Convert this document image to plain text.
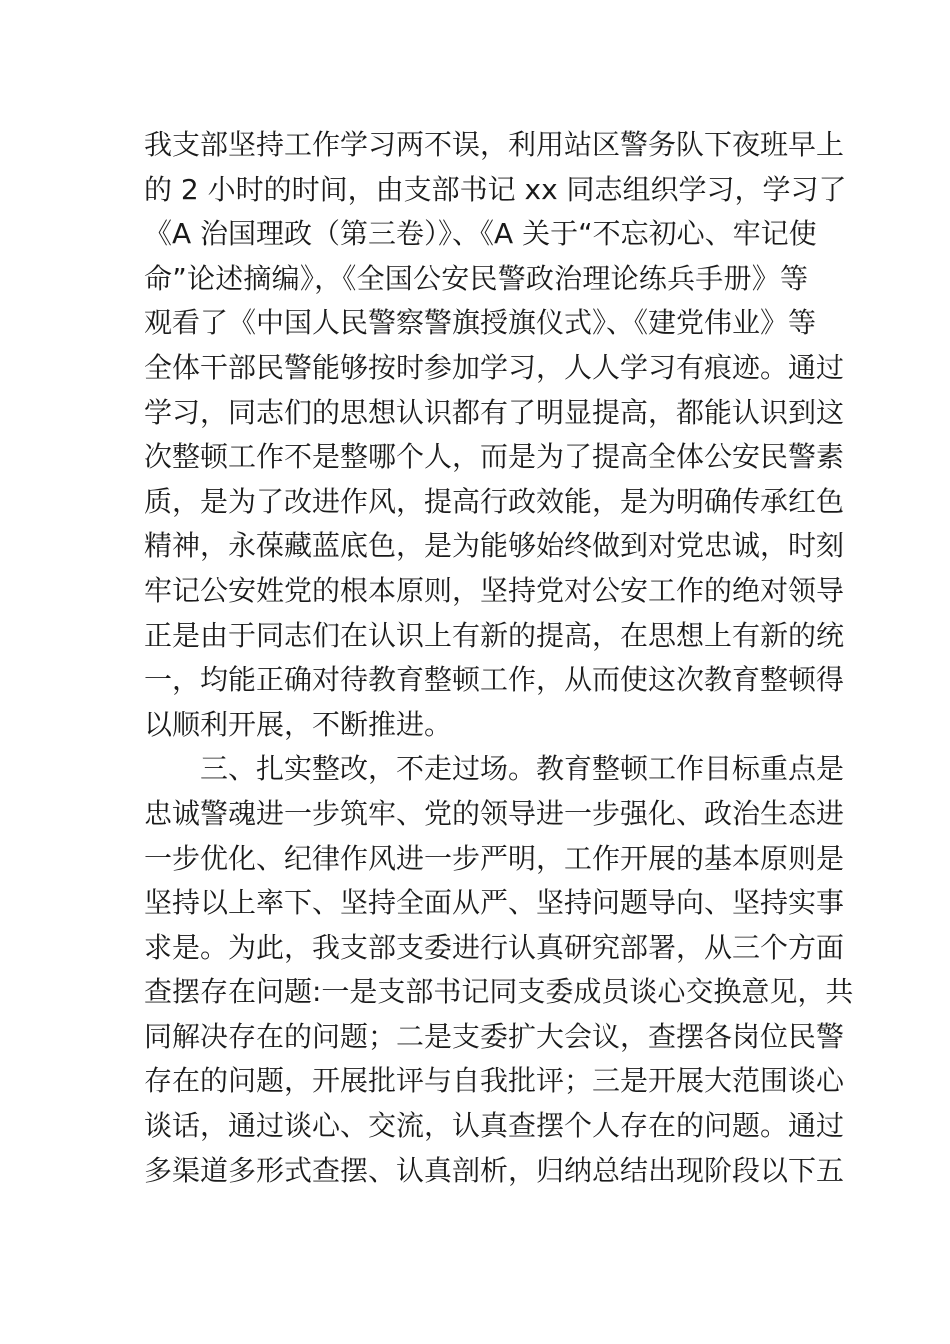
我支部坚持工作学习两不误，利用站区警务队下夜班早上
的 2 小时的时间，由支部书记 xx 同志组织学习，学习了
《A 治国理政（第三卷）》、《A 关于“不忘初心、牢记使
命”论述摘编》，《全国公安民警政治理论练兵手册》等
观看了《中国人民警察警旗授旗仪式》、《建党伟业》等
全体干部民警能够按时参加学习，人人学习有痕迹。通过
学习，同志们的思想认识都有了明显提高，都能认识到这
次整顿工作不是整哪个人，而是为了提高全体公安民警素
质，是为了改进作风，提高行政效能，是为明确传承红色
精神，永葆藏蓝底色，是为能够始终做到对党忠诚，时刻
牢记公安姓党的根本原则，坚持党对公安工作的绝对领导
正是由于同志们在认识上有新的提高，在思想上有新的统
一，均能正确对待教育整顿工作，从而使这次教育整顿得
以顺利开展，不断推进。
三、扎实整改，不走过场。教育整顿工作目标重点是
忠诚警魂进一步筑牢、党的领导进一步强化、政治生态进
一步优化、纪律作风进一步严明，工作开展的基本原则是
坚持以上率下、坚持全面从严、坚持问题导向、坚持实事
求是。为此，我支部支委进行认真研究部署，从三个方面
查摆存在问题:一是支部书记同支委成员谈心交换意见，共
同解决存在的问题；二是支委扩大会议，查摆各岗位民警
存在的问题，开展批评与自我批评；三是开展大范围谈心
谈话，通过谈心、交流，认真查摆个人存在的问题。通过
多渠道多形式查摆、认真剖析，归纳总结出现阶段以下五
